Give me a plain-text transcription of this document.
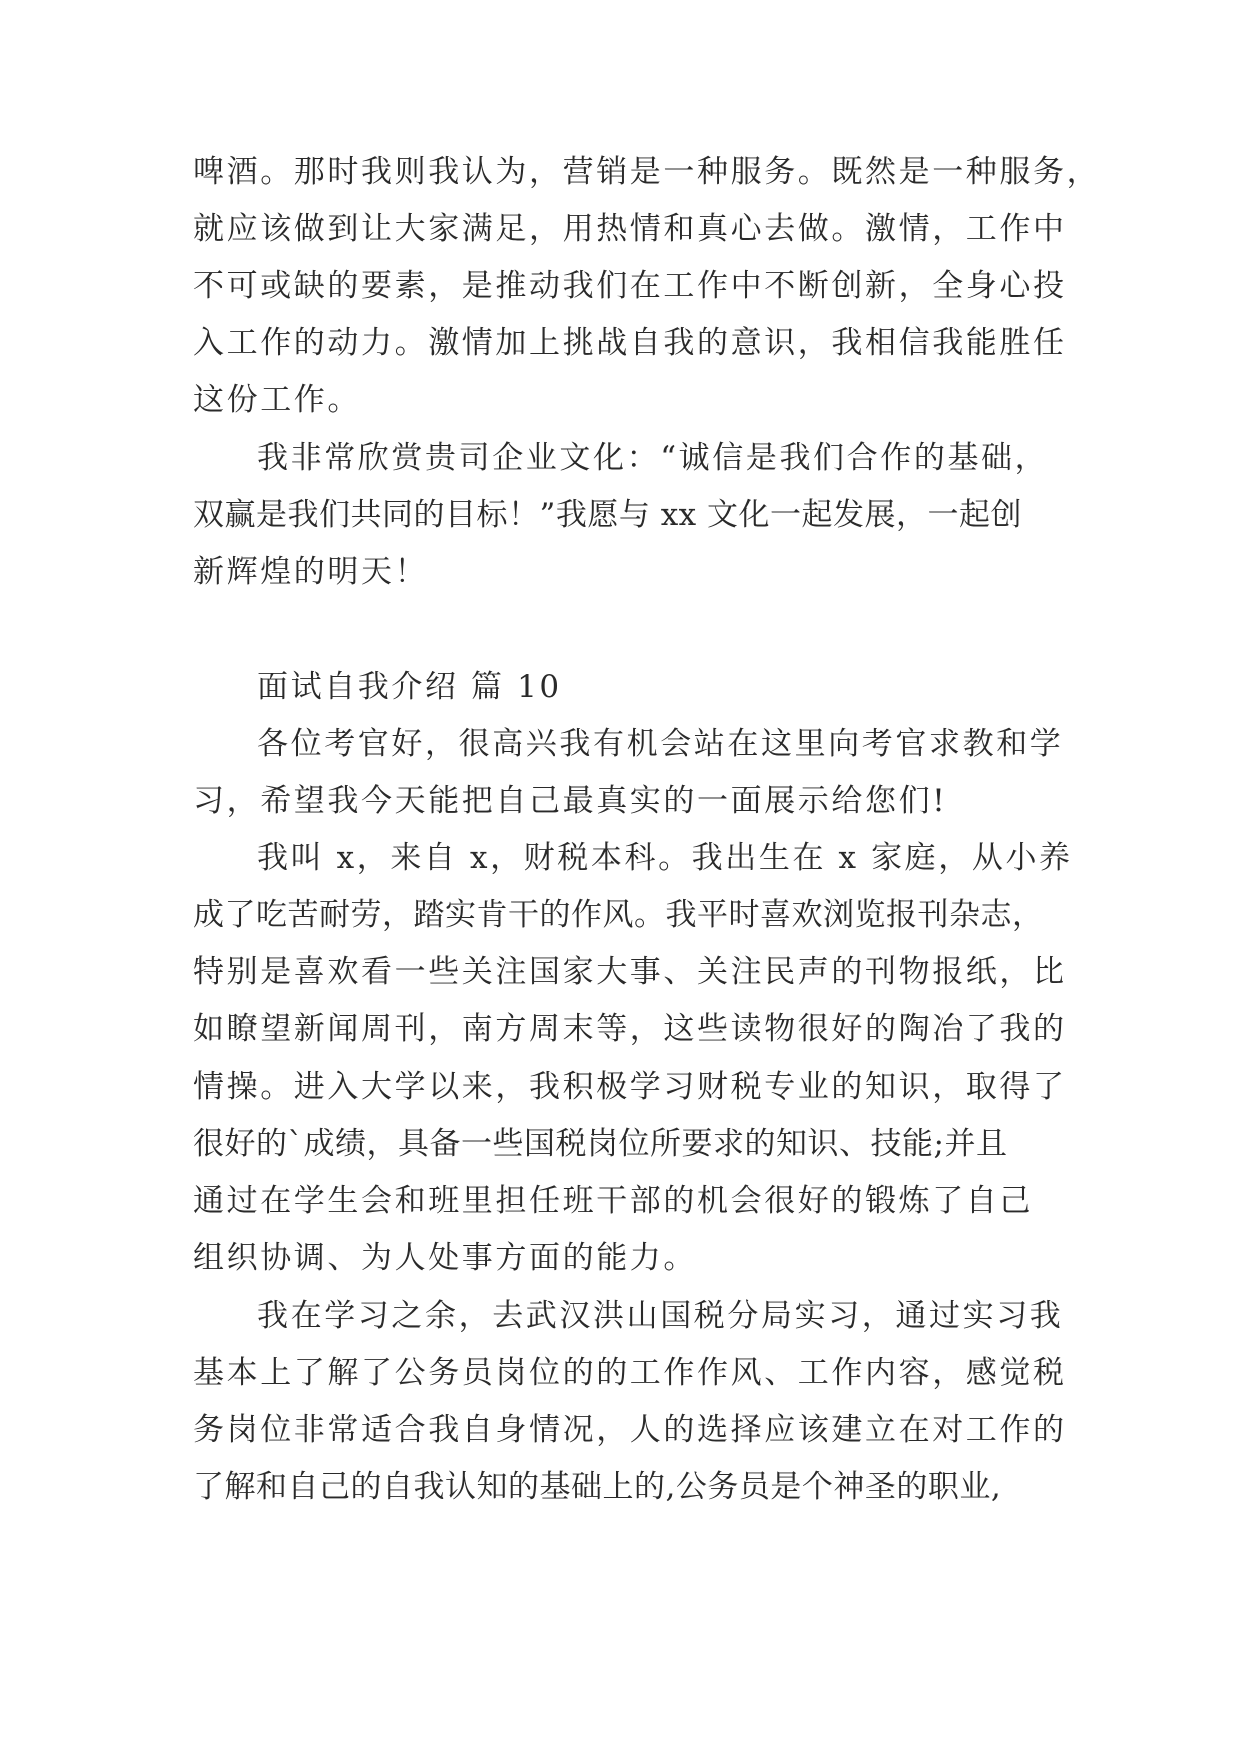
啤酒。那时我则我认为，营销是一种服务。既然是一种服务，
就应该做到让大家满足，用热情和真心去做。激情，工作中
不可或缺的要素，是推动我们在工作中不断创新，全身心投
入工作的动力。激情加上挑战自我的意识，我相信我能胜任
这份工作。
我非常欣赏贵司企业文化：“诚信是我们合作的基础，
双赢是我们共同的目标！”我愿与 xx 文化一起发展，一起创
新辉煌的明天！
面试自我介绍 篇 10
各位考官好，很高兴我有机会站在这里向考官求教和学
习，希望我今天能把自己最真实的一面展示给您们!
我叫 x，来自 x，财税本科。我出生在 x 家庭，从小养
成了吃苦耐劳，踏实肯干的作风。我平时喜欢浏览报刊杂志，
特别是喜欢看一些关注国家大事、关注民声的刊物报纸，比
如瞭望新闻周刊，南方周末等，这些读物很好的陶冶了我的
情操。进入大学以来，我积极学习财税专业的知识，取得了
很好的`成绩，具备一些国税岗位所要求的知识、技能;并且
通过在学生会和班里担任班干部的机会很好的锻炼了自己
组织协调、为人处事方面的能力。
我在学习之余，去武汉洪山国税分局实习，通过实习我
基本上了解了公务员岗位的的工作作风、工作内容，感觉税
务岗位非常适合我自身情况，人的选择应该建立在对工作的
了解和自己的自我认知的基础上的,公务员是个神圣的职业,
